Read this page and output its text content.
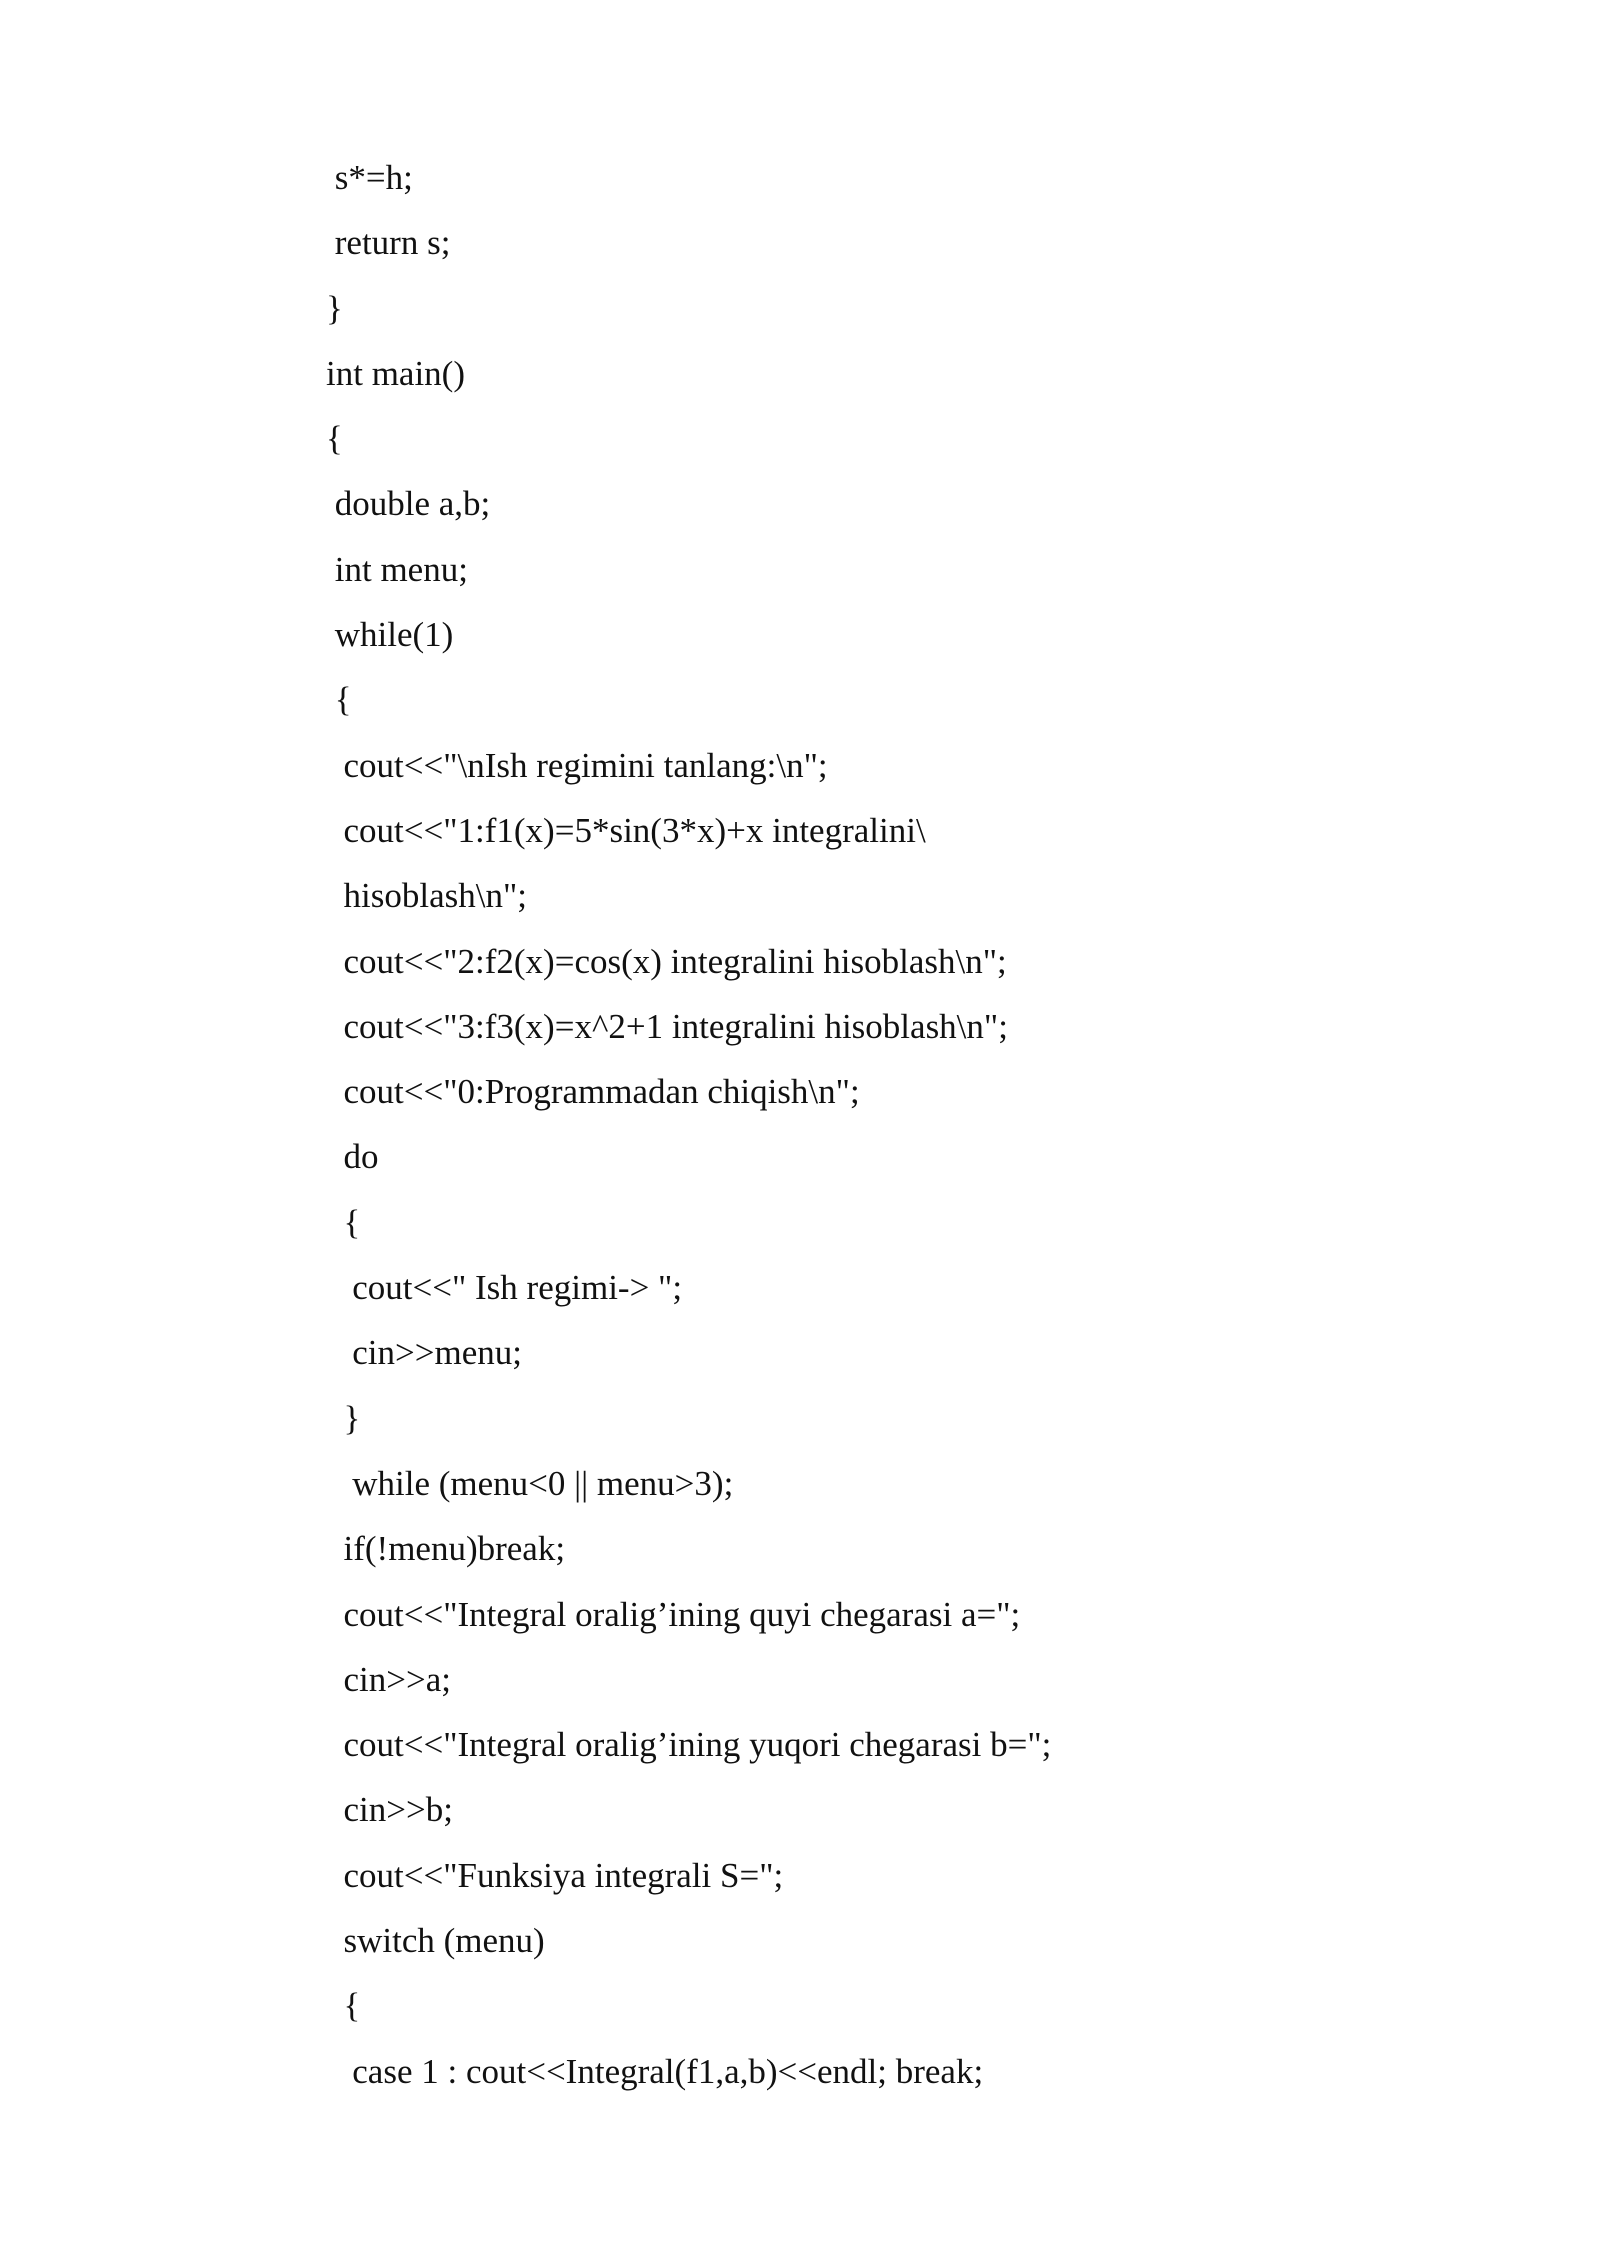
s*=h;
return s;
}
int main()
{
double a,b;
int menu;
while(1)
{
cout<<"\nIsh regimini tanlang:\n";
cout<<"1:f1(x)=5*sin(3*x)+x integralini\
hisoblash\n";
cout<<"2:f2(x)=cos(x) integralini hisoblash\n";
cout<<"3:f3(x)=x^2+1 integralini hisoblash\n";
cout<<"0:Programmadan chiqish\n";
do
{
cout<<" Ish regimi-> ";
cin>>menu;
}
while (menu<0 || menu>3);
if(!menu)break;
cout<<"Integral oralig’ining quyi chegarasi a=";
cin>>a;
cout<<"Integral oralig’ining yuqori chegarasi b=";
cin>>b;
cout<<"Funksiya integrali S=";
switch (menu)
{
case 1 : cout<<Integral(f1,a,b)<<endl; break;
